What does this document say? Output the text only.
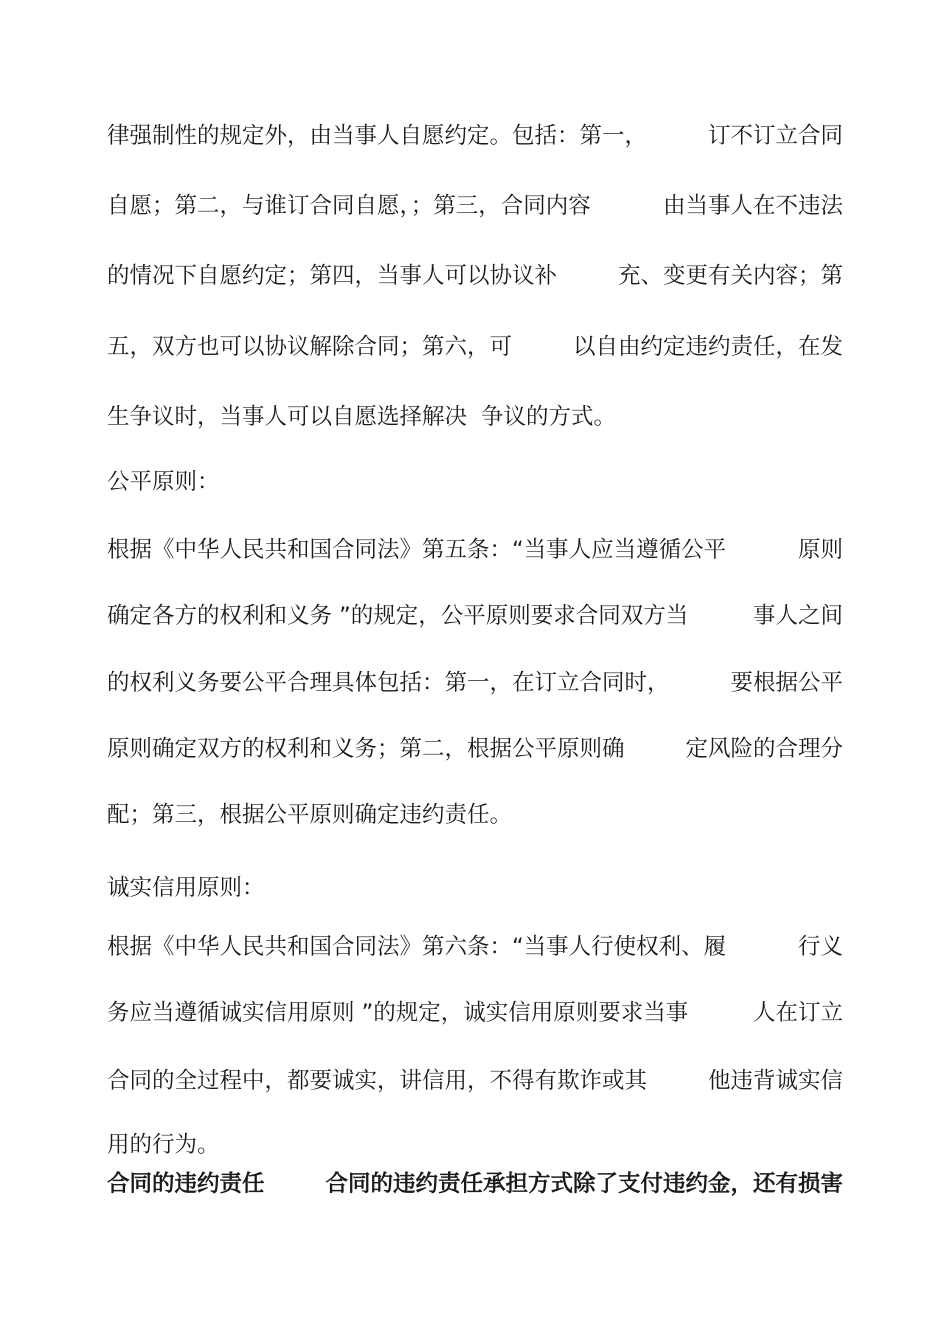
律强制性的规定外，由当事人自愿约定。包括：第一，	订不订立合同
自愿；第二，与谁订合同自愿，；第三，合同内容	由当事人在不违法
的情况下自愿约定；第四，当事人可以协议补	充、变更有关内容；第
五，双方也可以协议解除合同；第六，可	以自由约定违约责任，在发
生争议时，当事人可以自愿选择解决 争议的方式。
公平原则：
根据《中华人民共和国合同法》第五条：“当事人应当遵循公平	原则
确定各方的权利和义务 ”的规定，公平原则要求合同双方当	事人之间
的权利义务要公平合理具体包括：第一，在订立合同时，	要根据公平
原则确定双方的权利和义务；第二，根据公平原则确	定风险的合理分
配；第三，根据公平原则确定违约责任。
诚实信用原则：
根据《中华人民共和国合同法》第六条：“当事人行使权利、履	行义
务应当遵循诚实信用原则 ”的规定，诚实信用原则要求当事	人在订立
合同的全过程中，都要诚实，讲信用，不得有欺诈或其	他违背诚实信
用的行为。
合同的违约责任	合同的违约责任承担方式除了支付违约金，还有损害
